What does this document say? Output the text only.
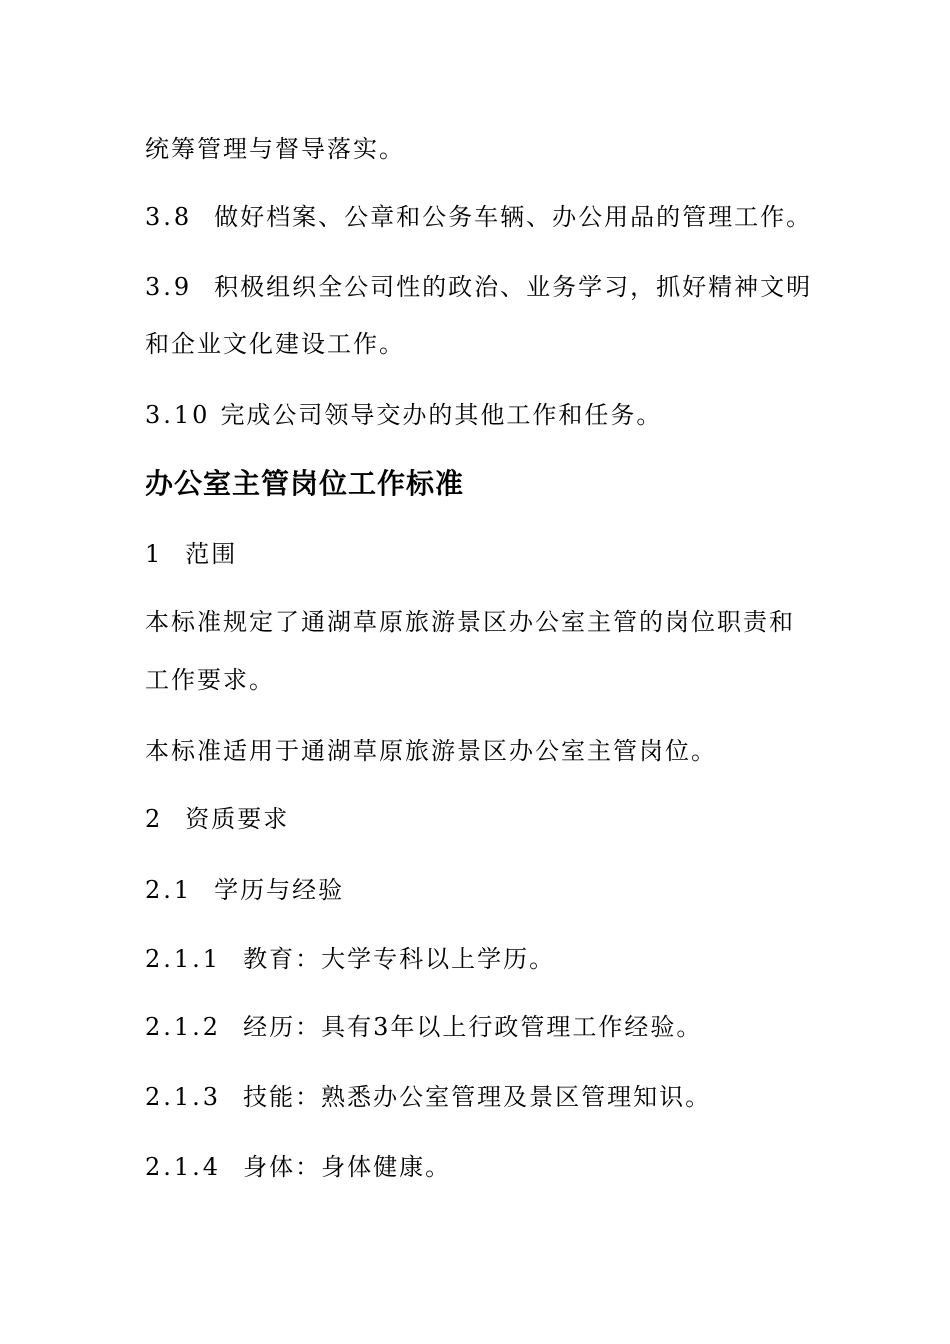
统筹管理与督导落实。
3.8 做好档案、公章和公务车辆、办公用品的管理工作。
3.9 积极组织全公司性的政治、业务学习，抓好精神文明
和企业文化建设工作。
3.10 完成公司领导交办的其他工作和任务。
办公室主管岗位工作标准
1 范围
本标准规定了通湖草原旅游景区办公室主管的岗位职责和
工作要求。
本标准适用于通湖草原旅游景区办公室主管岗位。
2 资质要求
2.1 学历与经验
2.1.1 教育：大学专科以上学历。
2.1.2 经历：具有3年以上行政管理工作经验。
2.1.3 技能：熟悉办公室管理及景区管理知识。
2.1.4 身体：身体健康。
